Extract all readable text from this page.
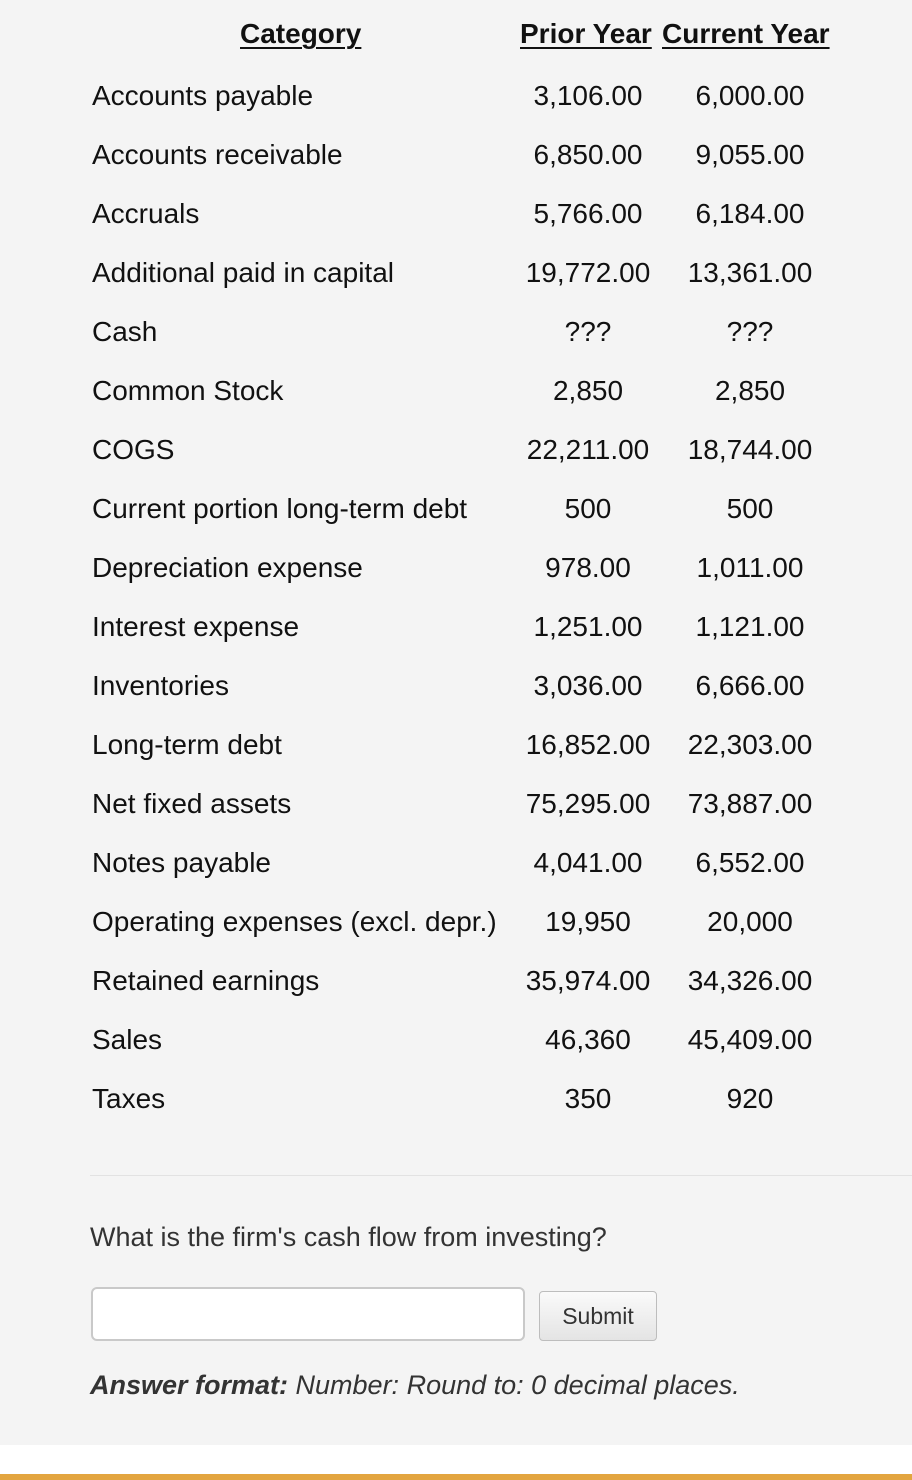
Category	Prior Year Current Year
Accounts payable	3,106.00 6,000.00
Accounts receivable	6,850.00 9,055.00
Accruals	5,766.00 6,184.00
Additional paid in capital	19,772.00 13,361.00
Cash	???	???
Common Stock	2,850	2,850
COGS	22,211.00 18,744.00
Current portion long-term debt	500	500
Depreciation expense	978.00 1,011.00
Interest expense	1,251.00 1,121.00
Inventories	3,036.00 6,666.00
Long-term debt	16,852.00 22,303.00
Net fixed assets	75,295.00 73,887.00
Notes payable	4,041.00 6,552.00
Operating expenses (excl. depr.) 19,950	20,000
Retained earnings	35,974.00 34,326.00
Sales	46,360 45,409.00
Taxes	350	920
What is the firm's cash flow from investing?
Submit
Answer format: Number: Round to: 0 decimal places.
